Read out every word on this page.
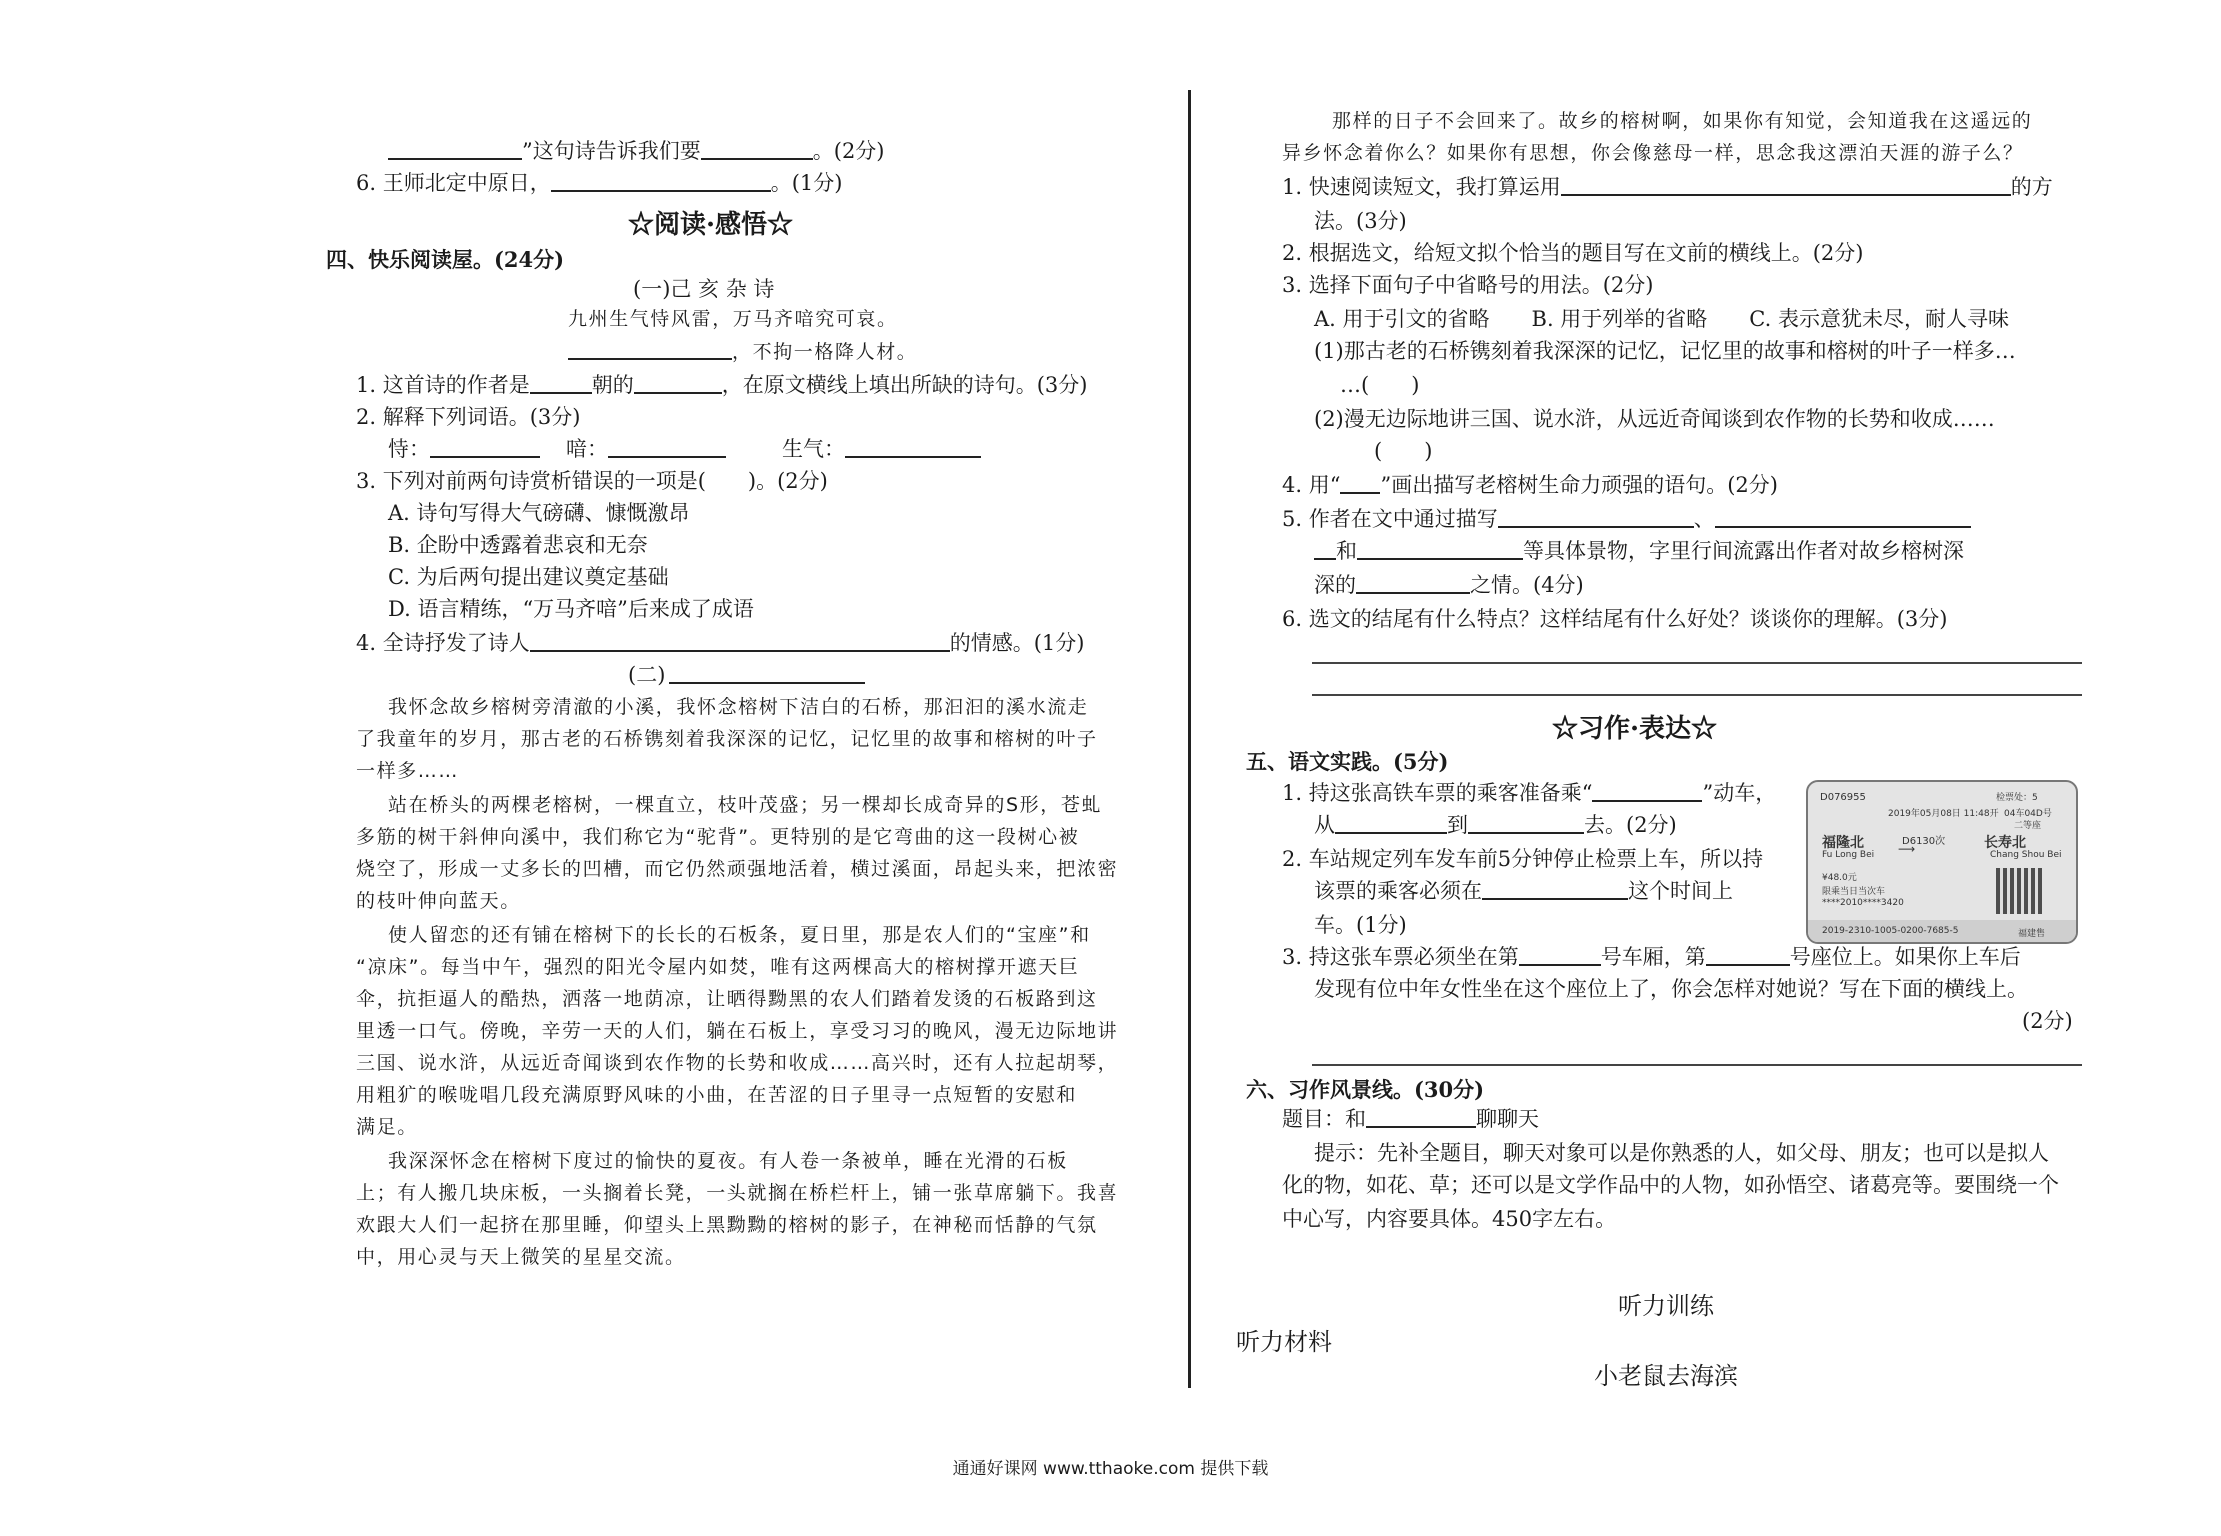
”这句诗告诉我们要	。(2分)
6. 王师北定中原日，	。(1分)
☆阅读·感悟☆
四、快乐阅读屋。(24分)
(一)己 亥 杂 诗
九州生气恃风雷，万马齐喑究可哀。
，不拘一格降人材。
1. 这首诗的作者是	朝的	，在原文横线上填出所缺的诗句。(3分)
2. 解释下列词语。(3分)
恃：	喑：	生气：
3. 下列对前两句诗赏析错误的一项是(　　)。(2分)
A. 诗句写得大气磅礴、慷慨激昂
B. 企盼中透露着悲哀和无奈
C. 为后两句提出建议奠定基础
D. 语言精练，“万马齐喑”后来成了成语
4. 全诗抒发了诗人	的情感。(1分)
(二)
我怀念故乡榕树旁清澈的小溪，我怀念榕树下洁白的石桥，那汩汩的溪水流走
了我童年的岁月，那古老的石桥镌刻着我深深的记忆，记忆里的故事和榕树的叶子
一样多……
站在桥头的两棵老榕树，一棵直立，枝叶茂盛；另一棵却长成奇异的S形，苍虬
多筋的树干斜伸向溪中，我们称它为“驼背”。更特别的是它弯曲的这一段树心被
烧空了，形成一丈多长的凹槽，而它仍然顽强地活着，横过溪面，昂起头来，把浓密
的枝叶伸向蓝天。
使人留恋的还有铺在榕树下的长长的石板条，夏日里，那是农人们的“宝座”和
“凉床”。每当中午，强烈的阳光令屋内如焚，唯有这两棵高大的榕树撑开遮天巨
伞，抗拒逼人的酷热，洒落一地荫凉，让晒得黝黑的农人们踏着发烫的石板路到这
里透一口气。傍晚，辛劳一天的人们，躺在石板上，享受习习的晚风，漫无边际地讲
三国、说水浒，从远近奇闻谈到农作物的长势和收成……高兴时，还有人拉起胡琴，
用粗犷的喉咙唱几段充满原野风味的小曲，在苦涩的日子里寻一点短暂的安慰和
满足。
我深深怀念在榕树下度过的愉快的夏夜。有人卷一条被单，睡在光滑的石板
上；有人搬几块床板，一头搁着长凳，一头就搁在桥栏杆上，铺一张草席躺下。我喜
欢跟大人们一起挤在那里睡，仰望头上黑黝黝的榕树的影子，在神秘而恬静的气氛
中，用心灵与天上微笑的星星交流。
那样的日子不会回来了。故乡的榕树啊，如果你有知觉，会知道我在这遥远的
异乡怀念着你么？如果你有思想，你会像慈母一样，思念我这漂泊天涯的游子么？
1. 快速阅读短文，我打算运用	的方
法。(3分)
2. 根据选文，给短文拟个恰当的题目写在文前的横线上。(2分)
3. 选择下面句子中省略号的用法。(2分)
A. 用于引文的省略　　B. 用于列举的省略　　C. 表示意犹未尽，耐人寻味
(1)那古老的石桥镌刻着我深深的记忆，记忆里的故事和榕树的叶子一样多…
…(　　)
(2)漫无边际地讲三国、说水浒，从远近奇闻谈到农作物的长势和收成……
(　　)
4. 用“ ”画出描写老榕树生命力顽强的语句。(2分)
5. 作者在文中通过描写	、
和	等具体景物，字里行间流露出作者对故乡榕树深
深的	之情。(4分)
6. 选文的结尾有什么特点？这样结尾有什么好处？谈谈你的理解。(3分)
☆习作·表达☆
五、语文实践。(5分)
1. 持这张高铁车票的乘客准备乘“	”动车，
从	到	去。(2分)
2. 车站规定列车发车前5分钟停止检票上车，所以持
该票的乘客必须在	这个时间上
车。(1分)
3. 持这张车票必须坐在第	号车厢，第	号座位上。如果你上车后
发现有位中年女性坐在这个座位上了，你会怎样对她说？写在下面的横线上。
(2分)
六、习作风景线。(30分)
题目：和	聊聊天
提示：先补全题目，聊天对象可以是你熟悉的人，如父母、朋友；也可以是拟人
化的物，如花、草；还可以是文学作品中的人物，如孙悟空、诸葛亮等。要围绕一个
中心写，内容要具体。450字左右。
听力训练
听力材料
小老鼠去海滨
D076955	检票处：5
2019年05月08日 11:48开 04车04D号
二等座
福隆北
Fu Long Bei
D6130次
⟶	长寿北
Chang Shou Bei
¥48.0元
限乘当日当次车
****2010****3420
2019-2310-1005-0200-7685-5	福建售
通通好课网 www.tthaoke.com 提供下载
